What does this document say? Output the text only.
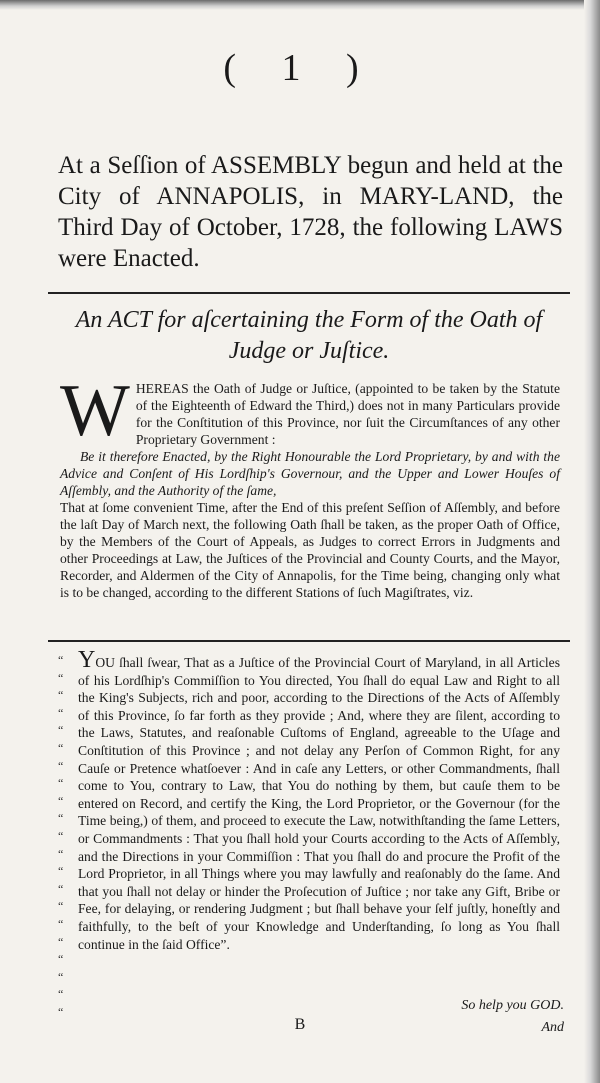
( 1 )
At a Seſſion of ASSEMBLY begun and held at the City of ANNAPOLIS, in MARY-LAND, the Third Day of October, 1728, the following LAWS were Enacted.
An ACT for aſcertaining the Form of the Oath of
Judge or Juſtice.
W HEREAS the Oath of Judge or Juſtice, (appointed to be taken by the Statute of the Eighteenth of Edward the Third,) does not in many Particulars provide for the Conſtitution of this Province, nor ſuit the Circumſtances of any other Proprietary Government :
Be it therefore Enacted, by the Right Honourable the Lord Proprietary, by and with the Advice and Conſent of His Lordſhip's Governour, and the Upper and Lower Houſes of Aſſembly, and the Authority of the ſame,
That at ſome convenient Time, after the End of this preſent Seſſion of Aſſembly, and before the laſt Day of March next, the following Oath ſhall be taken, as the proper Oath of Office, by the Members of the Court of Appeals, as Judges to correct Errors in Judgments and other Proceedings at Law, the Juſtices of the Provincial and County Courts, and the Mayor, Recorder, and Aldermen of the City of Annapolis, for the Time being, changing only what is to be changed, according to the different Stations of ſuch Magiſtrates, viz.
“
“
“
“
“
“
“
“
“
“
“
“
“
“
“
“
“
“
“
“
“
YOU ſhall ſwear, That as a Juſtice of the Provincial Court of Maryland, in all Articles of his Lordſhip's Commiſſion to You directed, You ſhall do equal Law and Right to all the King's Subjects, rich and poor, according to the Directions of the Acts of Aſſembly of this Province, ſo far forth as they provide ; And, where they are ſilent, according to the Laws, Statutes, and reaſonable Cuſtoms of England, agreeable to the Uſage and Conſtitution of this Province ; and not delay any Perſon of Common Right, for any Cauſe or Pretence whatſoever : And in caſe any Letters, or other Commandments, ſhall come to You, contrary to Law, that You do nothing by them, but cauſe them to be entered on Record, and certify the King, the Lord Proprietor, or the Governour (for the Time being,) of them, and proceed to execute the Law, notwithſtanding the ſame Letters, or Commandments : That you ſhall hold your Courts according to the Acts of Aſſembly, and the Directions in your Commiſſion : That you ſhall do and procure the Profit of the Lord Proprietor, in all Things where you may lawfully and reaſonably do the ſame. And that you ſhall not delay or hinder the Proſecution of Juſtice ; nor take any Gift, Bribe or Fee, for delaying, or rendering Judgment ; but ſhall behave your ſelf juſtly, honeſtly and faithfully, to the beſt of your Knowledge and Underſtanding, ſo long as You ſhall continue in the ſaid Office”.
So help you GOD.
B	And
